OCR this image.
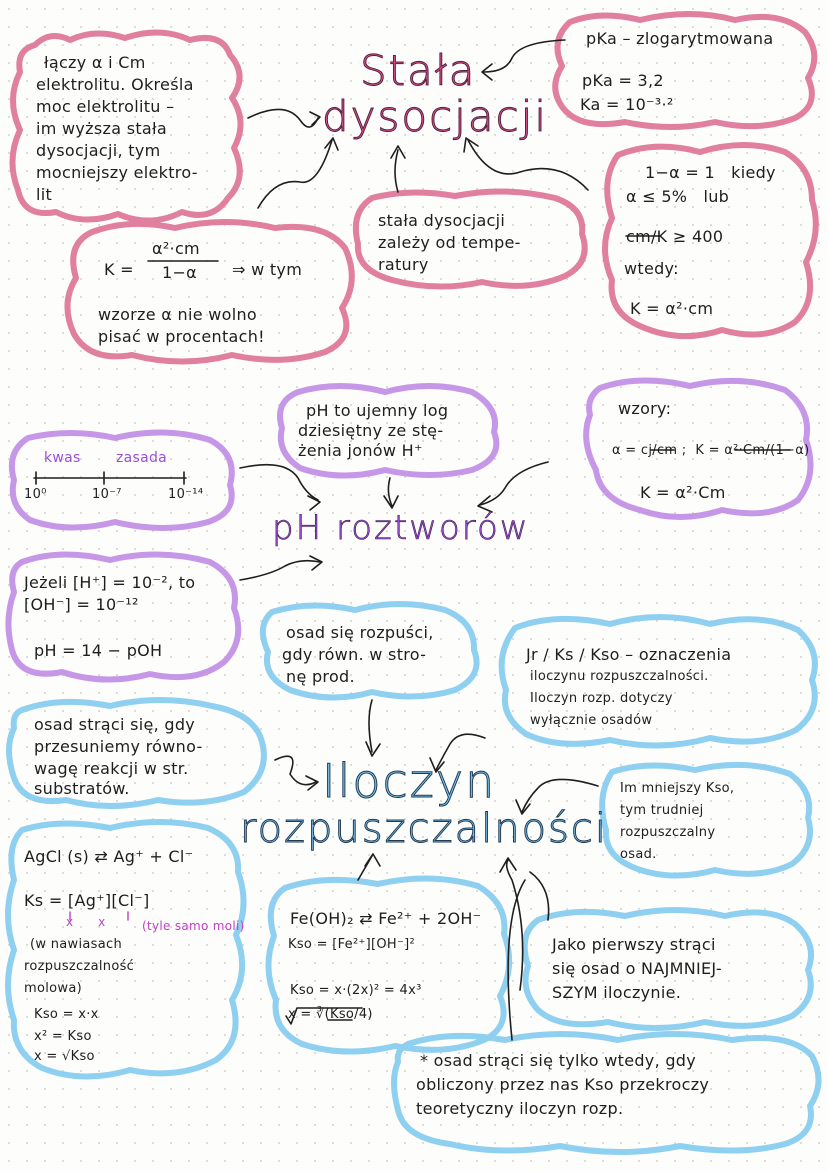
Stała
dysocjacji
pH roztworów
Iloczyn
rozpuszczalności
łączy α i Cm
elektrolitu. Określa
moc elektrolitu –
im wyższa stała
dysocjacji, tym
mocniejszy elektro-
lit
pKa – zlogarytmowana
pKa = 3,2
Ka = 10⁻³·²
K =
α²·cm
1−α ⇒ w tym
wzorze α nie wolno
pisać w procentach!
stała dysocjacji
zależy od tempe-
ratury
1−α = 1   kiedy
α ≤ 5%   lub
cm/K ≥ 400
wtedy:
K = α²·cm
kwas	zasada
10⁰	10⁻⁷	10⁻¹⁴
pH to ujemny log
dziesiętny ze stę-
żenia jonów H⁺
wzory:
α = cj/cm ;  K = α²·Cm/(1−α)
K = α²·Cm
Jeżeli [H⁺] = 10⁻², to
[OH⁻] = 10⁻¹²
pH = 14 − pOH
osad się rozpuści,
gdy równ. w stro-
nę prod.
Jr / Ks / Kso – oznaczenia
iloczynu rozpuszczalności.
Iloczyn rozp. dotyczy
wyłącznie osadów
osad strąci się, gdy
przesuniemy równo-
wagę reakcji w str.
substratów.	Im mniejszy Kso,
tym trudniej
rozpuszczalny
osad.
AgCl (s) ⇄ Ag⁺ + Cl⁻
Ks = [Ag⁺][Cl⁻]
x      x	(tyle samo moli)
(w nawiasach
rozpuszczalność
molowa)
Kso = x·x
x² = Kso
x = √Kso
Fe(OH)₂ ⇄ Fe²⁺ + 2OH⁻
Kso = [Fe²⁺][OH⁻]²
Kso = x·(2x)² = 4x³
x = ∛(Kso/4)
Jako pierwszy strąci
się osad o NAJMNIEJ-
SZYM iloczynie.
* osad strąci się tylko wtedy, gdy
obliczony przez nas Kso przekroczy
teoretyczny iloczyn rozp.
